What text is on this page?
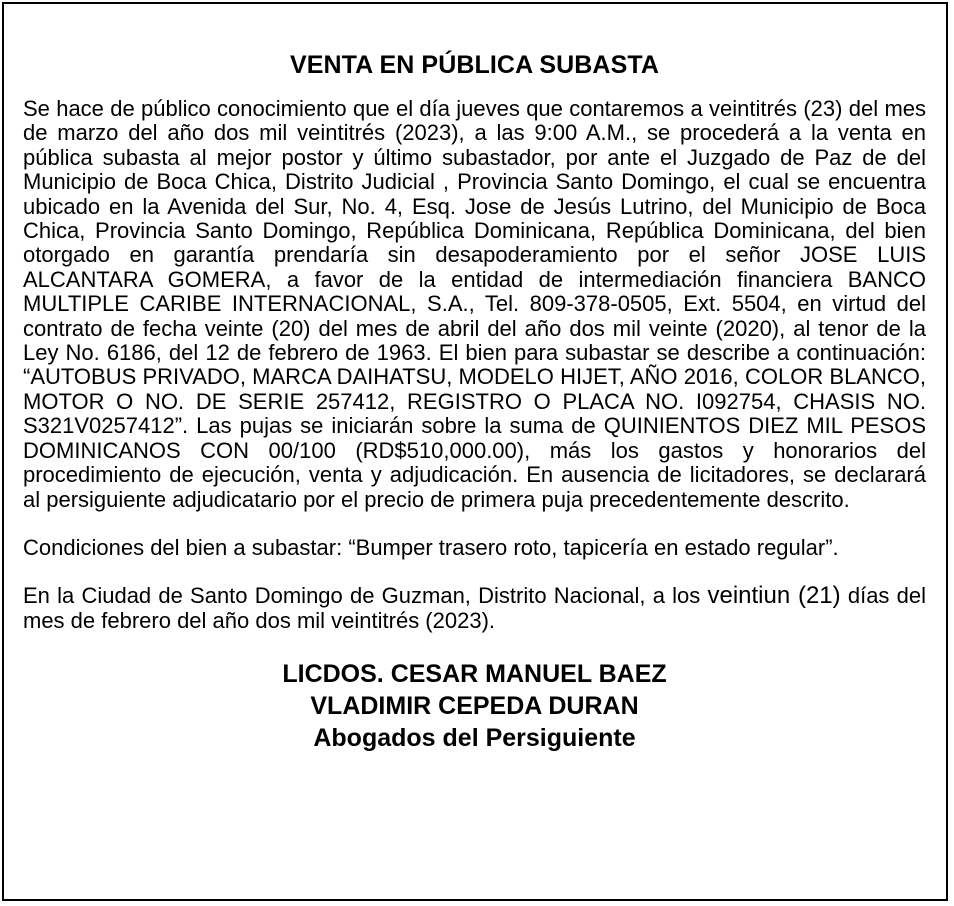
VENTA EN PÚBLICA SUBASTA

Se hace de público conocimiento que el día jueves que contaremos a veintitrés (23) del mes de marzo del año dos mil veintitrés (2023), a las 9:00 A.M., se procederá a la venta en pública subasta al mejor postor y último subastador, por ante el Juzgado de Paz de del Municipio de Boca Chica, Distrito Judicial , Provincia Santo Domingo, el cual se encuentra ubicado en la Avenida del Sur, No. 4, Esq. Jose de Jesús Lutrino, del Municipio de Boca Chica, Provincia Santo Domingo, República Dominicana, República Dominicana, del bien otorgado en garantía prendaría sin desapoderamiento por el señor JOSE LUIS ALCANTARA GOMERA, a favor de la entidad de intermediación financiera BANCO MULTIPLE CARIBE INTERNACIONAL, S.A., Tel. 809-378-0505, Ext. 5504, en virtud del contrato de fecha veinte (20) del mes de abril del año dos mil veinte (2020), al tenor de la Ley No. 6186, del 12 de febrero de 1963. El bien para subastar se describe a continuación: “AUTOBUS PRIVADO, MARCA DAIHATSU, MODELO HIJET, AÑO 2016, COLOR BLANCO, MOTOR O NO. DE SERIE 257412, REGISTRO O PLACA NO. I092754, CHASIS NO. S321V0257412”. Las pujas se iniciarán sobre la suma de QUINIENTOS DIEZ MIL PESOS DOMINICANOS CON 00/100 (RD$510,000.00), más los gastos y honorarios del procedimiento de ejecución, venta y adjudicación. En ausencia de licitadores, se declarará al persiguiente adjudicatario por el precio de primera puja precedentemente descrito.

Condiciones del bien a subastar: “Bumper trasero roto, tapicería en estado regular”.

En la Ciudad de Santo Domingo de Guzman, Distrito Nacional, a los veintiun (21) días del mes de febrero del año dos mil veintitrés (2023).

LICDOS. CESAR MANUEL BAEZ
VLADIMIR CEPEDA DURAN
Abogados del Persiguiente
